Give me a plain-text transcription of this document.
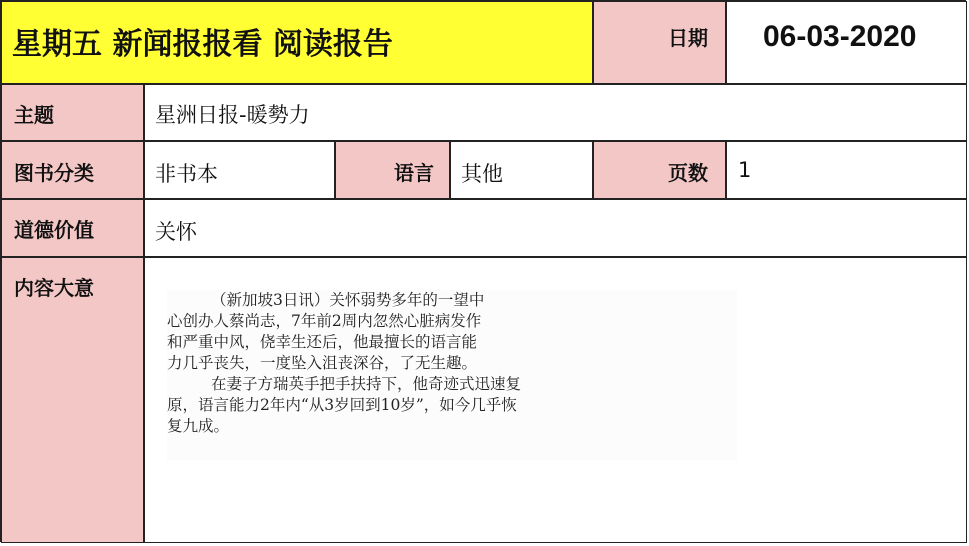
星期五 新闻报报看 阅读报告	日期 06-03-2020
主题	星洲日报-暖勢力
图书分类	非书本	语言 其他	页数 1
道德价值	关怀
内容大意	（新加坡3日讯）关怀弱势多年的一望中

心创办人蔡尚志，7年前2周内忽然心脏病发作

和严重中风，侥幸生还后，他最擅长的语言能

力几乎丧失，一度坠入沮丧深谷，了无生趣。

在妻子方瑞英手把手扶持下，他奇迹式迅速复

原，语言能力2年内“从3岁回到10岁”，如今几乎恢

复九成。
